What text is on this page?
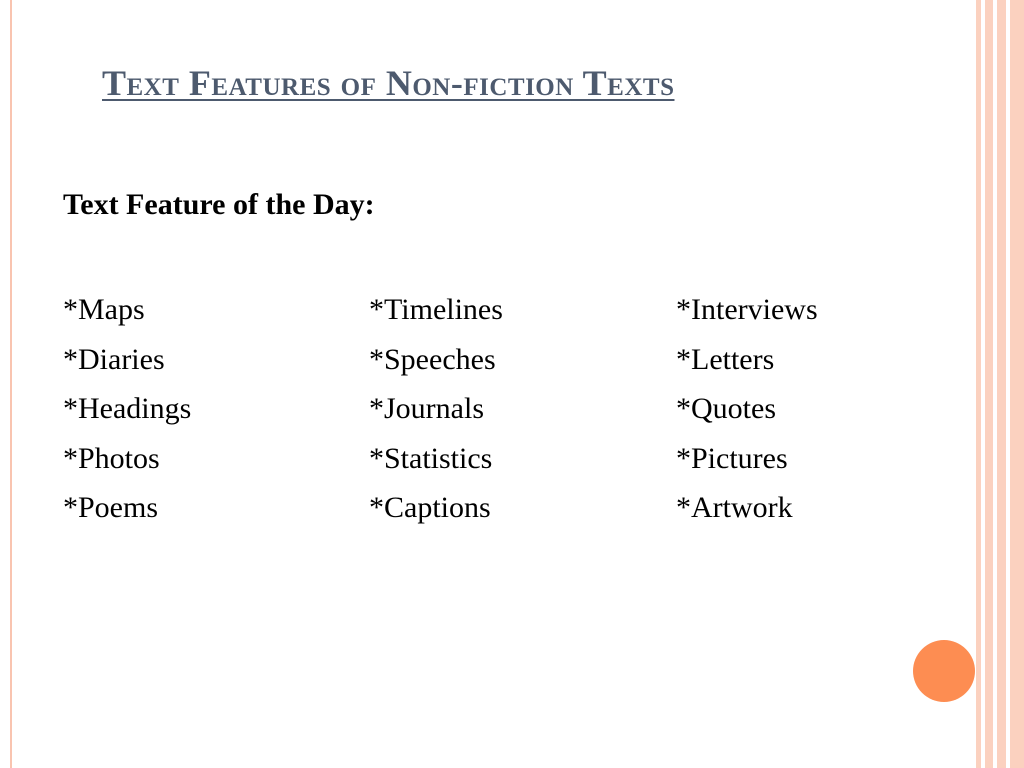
Text Features of Non-fiction Texts

Text Feature of the Day:

*Maps
*Diaries
*Headings
*Photos
*Poems
*Timelines
*Speeches
*Journals
*Statistics
*Captions
*Interviews
*Letters
*Quotes
*Pictures
*Artwork
